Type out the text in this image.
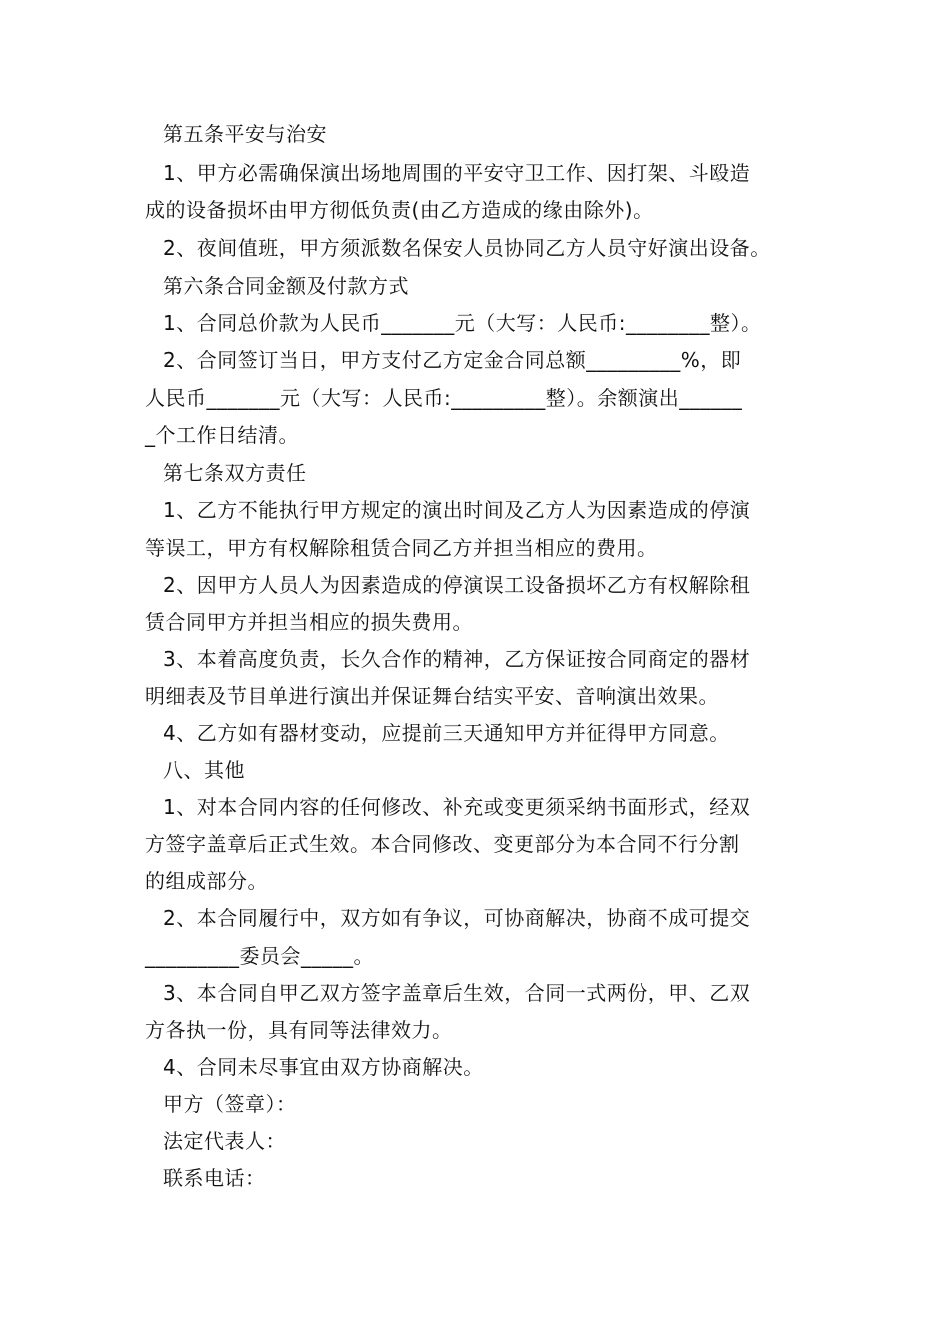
第五条平安与治安
1、甲方必需确保演出场地周围的平安守卫工作、因打架、斗殴造
成的设备损坏由甲方彻低负责(由乙方造成的缘由除外)。
2、夜间值班，甲方须派数名保安人员协同乙方人员守好演出设备。
第六条合同金额及付款方式
1、合同总价款为人民币_______元（大写：人民币:________整）。
2、合同签订当日，甲方支付乙方定金合同总额_________%，即
人民币_______元（大写：人民币:_________整）。余额演出______
_个工作日结清。
第七条双方责任
1、乙方不能执行甲方规定的演出时间及乙方人为因素造成的停演
等误工，甲方有权解除租赁合同乙方并担当相应的费用。
2、因甲方人员人为因素造成的停演误工设备损坏乙方有权解除租
赁合同甲方并担当相应的损失费用。
3、本着高度负责，长久合作的精神，乙方保证按合同商定的器材
明细表及节目单进行演出并保证舞台结实平安、音响演出效果。
4、乙方如有器材变动，应提前三天通知甲方并征得甲方同意。
八、其他
1、对本合同内容的任何修改、补充或变更须采纳书面形式，经双
方签字盖章后正式生效。本合同修改、变更部分为本合同不行分割
的组成部分。
2、本合同履行中，双方如有争议，可协商解决，协商不成可提交
_________委员会_____。
3、本合同自甲乙双方签字盖章后生效，合同一式两份，甲、乙双
方各执一份，具有同等法律效力。
4、合同未尽事宜由双方协商解决。
甲方（签章）：
法定代表人：
联系电话：
